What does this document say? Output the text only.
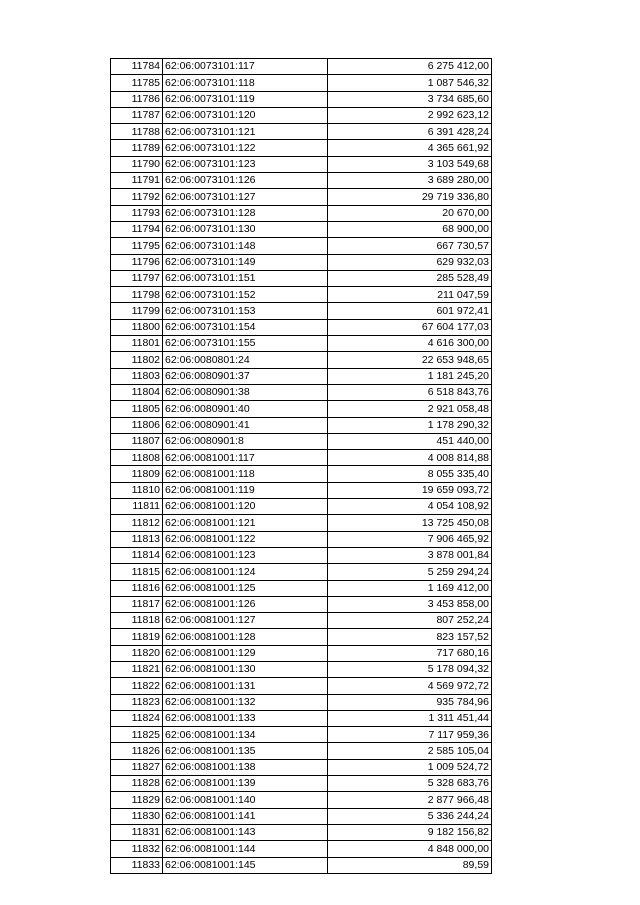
11784	62:06:0073101:117	6 275 412,00
11785	62:06:0073101:118	1 087 546,32
11786	62:06:0073101:119	3 734 685,60
11787	62:06:0073101:120	2 992 623,12
11788	62:06:0073101:121	6 391 428,24
11789	62:06:0073101:122	4 365 661,92
11790	62:06:0073101:123	3 103 549,68
11791	62:06:0073101:126	3 689 280,00
11792	62:06:0073101:127	29 719 336,80
11793	62:06:0073101:128	20 670,00
11794	62:06:0073101:130	68 900,00
11795	62:06:0073101:148	667 730,57
11796	62:06:0073101:149	629 932,03
11797	62:06:0073101:151	285 528,49
11798	62:06:0073101:152	211 047,59
11799	62:06:0073101:153	601 972,41
11800	62:06:0073101:154	67 604 177,03
11801	62:06:0073101:155	4 616 300,00
11802	62:06:0080801:24	22 653 948,65
11803	62:06:0080901:37	1 181 245,20
11804	62:06:0080901:38	6 518 843,76
11805	62:06:0080901:40	2 921 058,48
11806	62:06:0080901:41	1 178 290,32
11807	62:06:0080901:8	451 440,00
11808	62:06:0081001:117	4 008 814,88
11809	62:06:0081001:118	8 055 335,40
11810	62:06:0081001:119	19 659 093,72
11811	62:06:0081001:120	4 054 108,92
11812	62:06:0081001:121	13 725 450,08
11813	62:06:0081001:122	7 906 465,92
11814	62:06:0081001:123	3 878 001,84
11815	62:06:0081001:124	5 259 294,24
11816	62:06:0081001:125	1 169 412,00
11817	62:06:0081001:126	3 453 858,00
11818	62:06:0081001:127	807 252,24
11819	62:06:0081001:128	823 157,52
11820	62:06:0081001:129	717 680,16
11821	62:06:0081001:130	5 178 094,32
11822	62:06:0081001:131	4 569 972,72
11823	62:06:0081001:132	935 784,96
11824	62:06:0081001:133	1 311 451,44
11825	62:06:0081001:134	7 117 959,36
11826	62:06:0081001:135	2 585 105,04
11827	62:06:0081001:138	1 009 524,72
11828	62:06:0081001:139	5 328 683,76
11829	62:06:0081001:140	2 877 966,48
11830	62:06:0081001:141	5 336 244,24
11831	62:06:0081001:143	9 182 156,82
11832	62:06:0081001:144	4 848 000,00
11833	62:06:0081001:145	89,59
